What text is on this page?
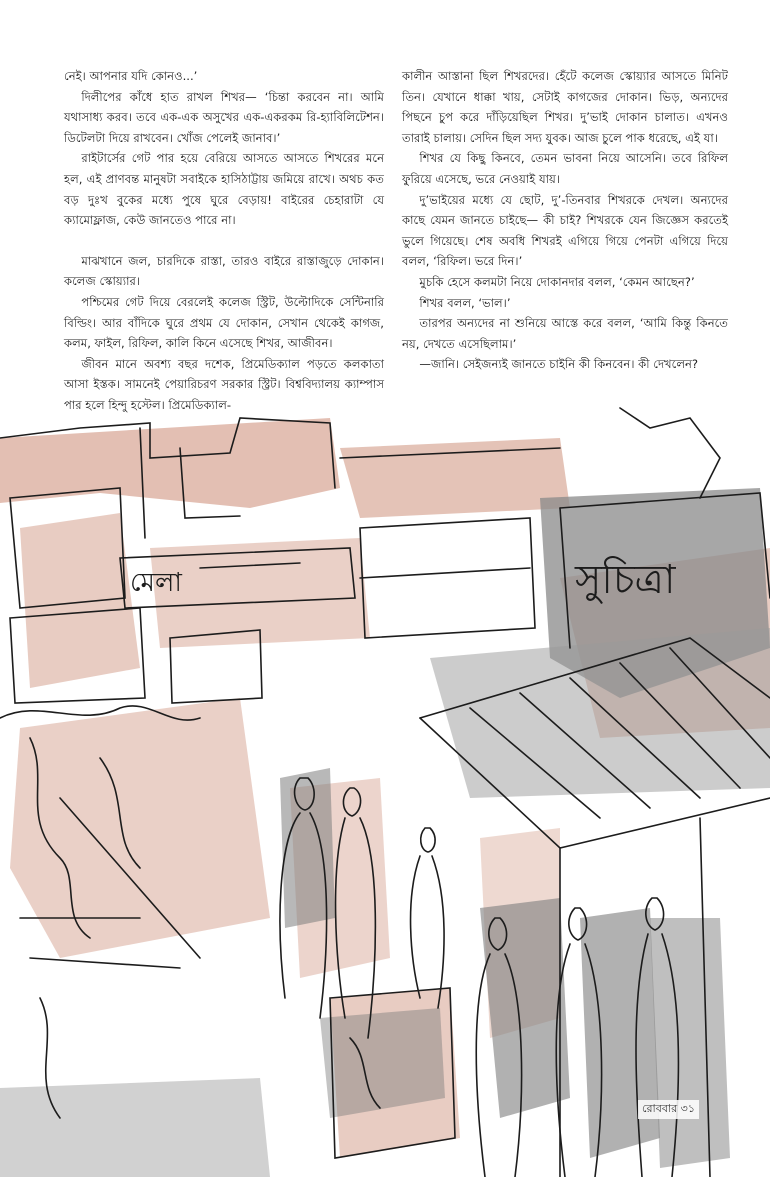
নেই। আপনার যদি কোনও...’

দিলীপের কাঁধে হাত রাখল শিখর— ‘চিন্তা করবেন না। আমি যথাসাধ্য করব। তবে এক-এক অসুখের এক-একরকম রি-হ্যাবিলিটেশন। ডিটেলটা দিয়ে রাখবেন। খোঁজ পেলেই জানাব।’

রাইটার্সের গেট পার হয়ে বেরিয়ে আসতে আসতে শিখরের মনে হল, এই প্রাণবন্ত মানুষটা সবাইকে হাসিঠাট্টায় জমিয়ে রাখে। অথচ কত বড় দুঃখ বুকের মধ্যে পুষে ঘুরে বেড়ায়! বাইরের চেহারাটা যে ক্যামোফ্লাজ, কেউ জানতেও পারে না।

মাঝখানে জল, চারদিকে রাস্তা, তারও বাইরে রাস্তাজুড়ে দোকান। কলেজ স্কোয়্যার।

পশ্চিমের গেট দিয়ে বেরলেই কলেজ স্ট্রিট, উল্টোদিকে সেন্টিনারি বিল্ডিং। আর বাঁদিকে ঘুরে প্রথম যে দোকান, সেখান থেকেই কাগজ, কলম, ফাইল, রিফিল, কালি কিনে এসেছে শিখর, আজীবন।

জীবন মানে অবশ্য বছর দশেক, প্রিমেডিক্যাল পড়তে কলকাতা আসা ইস্তক। সামনেই পেয়ারিচরণ সরকার স্ট্রিট। বিশ্ববিদ্যালয় ক্যাম্পাস পার হলে হিন্দু হস্টেল। প্রিমেডিক্যাল-

কালীন আস্তানা ছিল শিখরদের। হেঁটে কলেজ স্কোয়্যার আসতে মিনিট তিন। যেখানে ধাক্কা খায়, সেটাই কাগজের দোকান। ভিড়, অন্যদের পিছনে চুপ করে দাঁড়িয়েছিল শিখর। দু’ভাই দোকান চালাত। এখনও তারাই চালায়। সেদিন ছিল সদ্য যুবক। আজ চুলে পাক ধরেছে, এই যা।

শিখর যে কিছু কিনবে, তেমন ভাবনা নিয়ে আসেনি। তবে রিফিল ফুরিয়ে এসেছে, ভরে নেওয়াই যায়।

দু’ভাইয়ের মধ্যে যে ছোট, দু’-তিনবার শিখরকে দেখল। অন্যদের কাছে যেমন জানতে চাইছে— কী চাই? শিখরকে যেন জিজ্ঞেস করতেই ভুলে গিয়েছে। শেষ অবধি শিখরই এগিয়ে গিয়ে পেনটা এগিয়ে দিয়ে বলল, ‘রিফিল। ভরে দিন।’

মুচকি হেসে কলমটা নিয়ে দোকানদার বলল, ‘কেমন আছেন?’

শিখর বলল, ‘ভাল।’

তারপর অন্যদের না শুনিয়ে আস্তে করে বলল, ‘আমি কিন্তু কিনতে নয়, দেখতে এসেছিলাম।’

—জানি। সেইজন্যই জানতে চাইনি কী কিনবেন। কী দেখলেন?

মেলা	সুচিত্রা
রোববার ৩১
